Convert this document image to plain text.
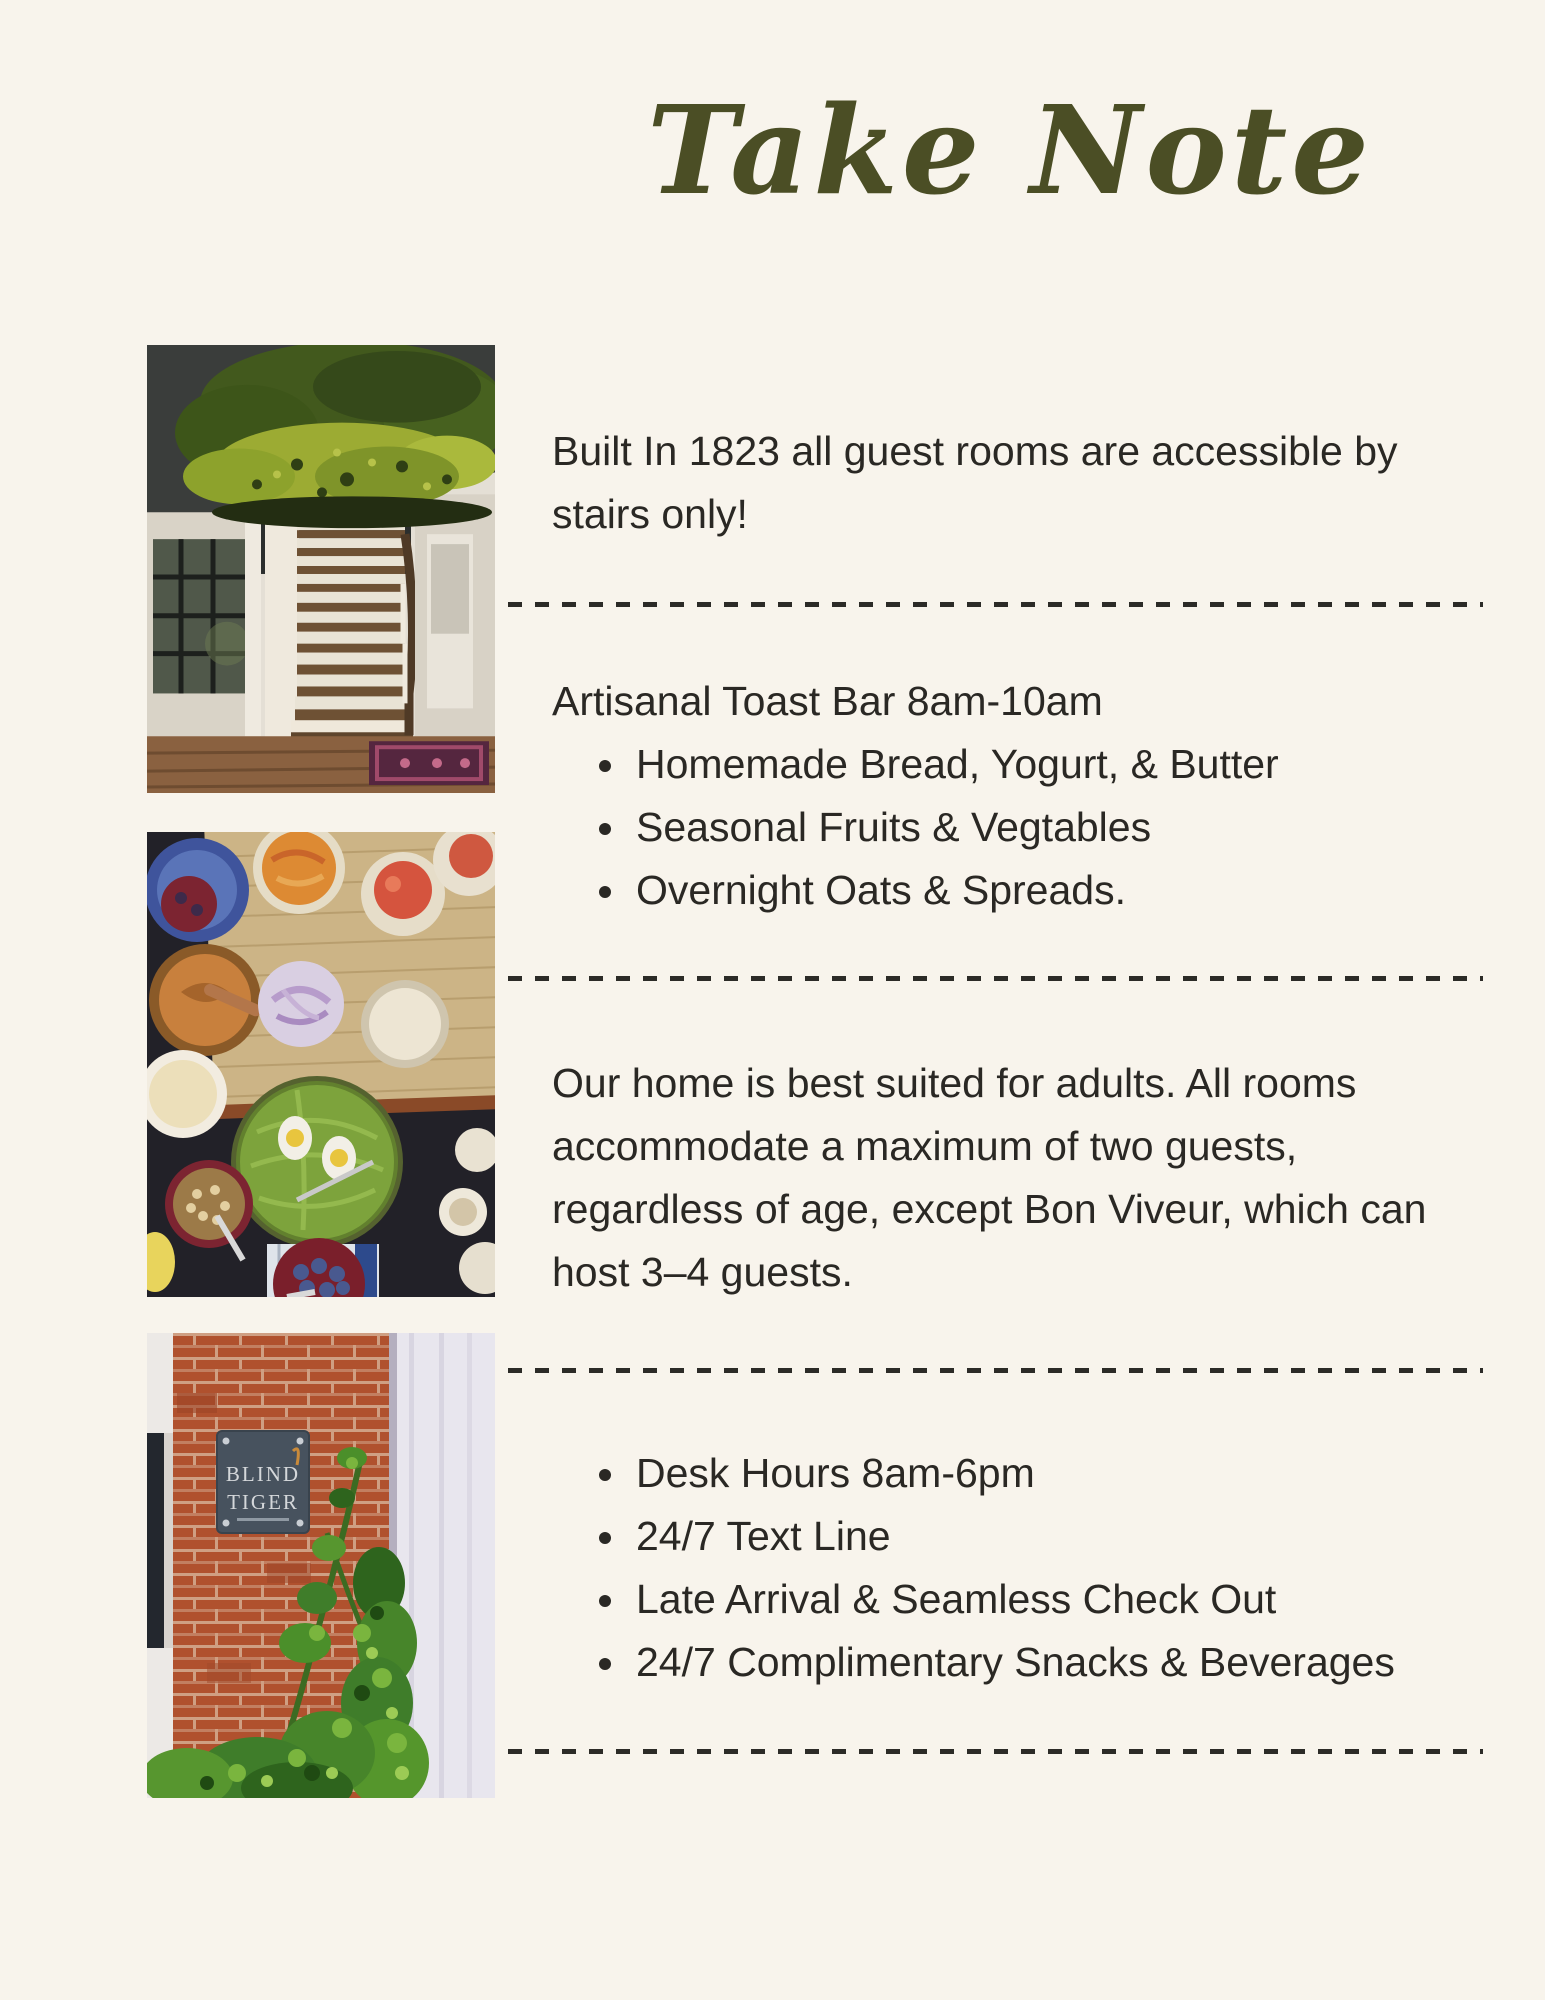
Take Note
BLIND
TIGER

Built In 1823 all guest rooms are accessible by stairs only!

Artisanal Toast Bar 8am-10am

• Homemade Bread, Yogurt, & Butter
• Seasonal Fruits & Vegtables
• Overnight Oats & Spreads.

Our home is best suited for adults. All rooms accommodate a maximum of two guests, regardless of age, except Bon Viveur, which can host 3–4 guests.

• Desk Hours 8am-6pm
• 24/7 Text Line
• Late Arrival & Seamless Check Out
• 24/7 Complimentary Snacks & Beverages
